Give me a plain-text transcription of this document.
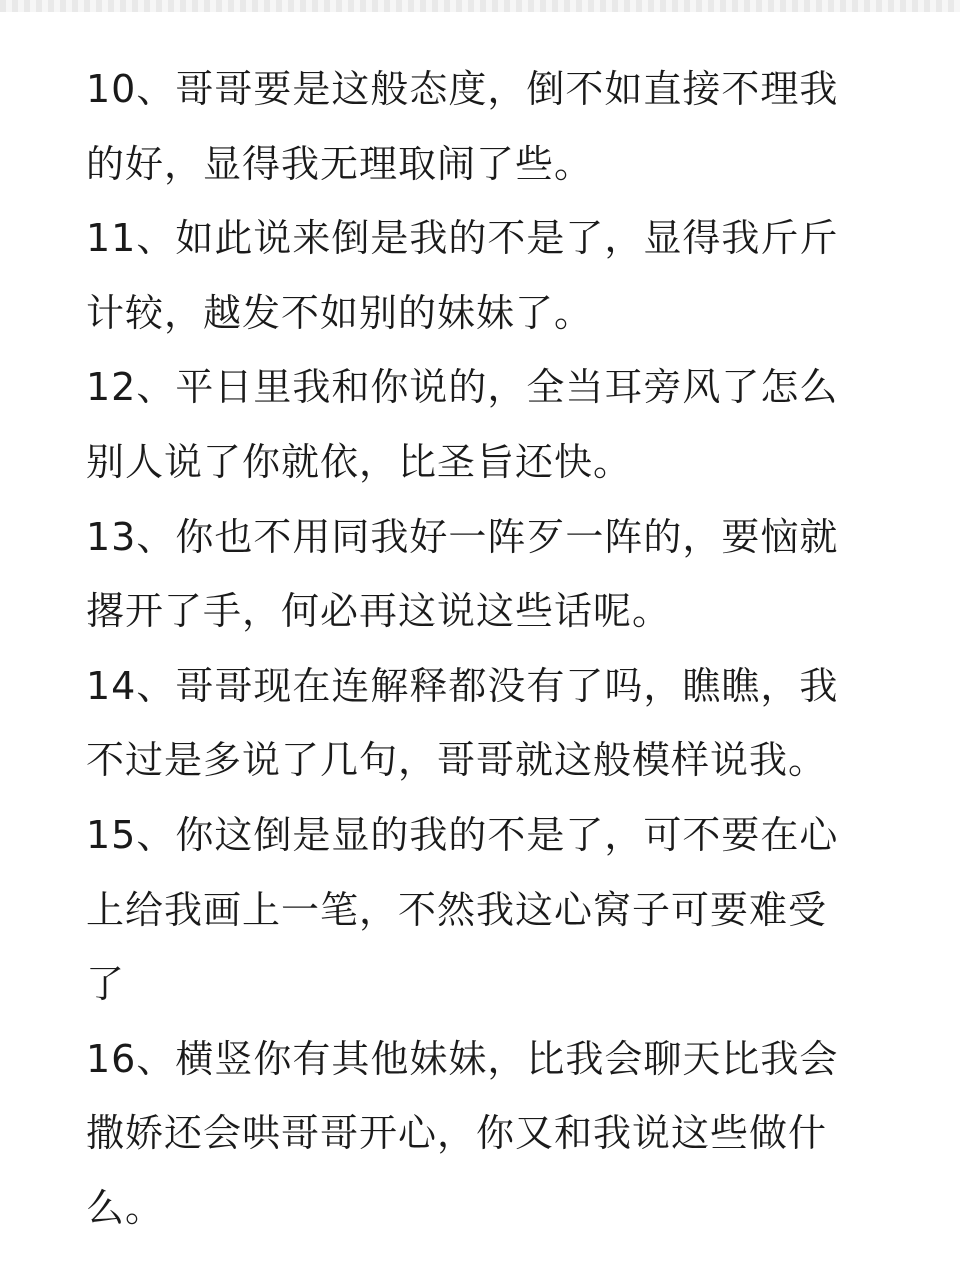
10、哥哥要是这般态度，倒不如直接不理我
的好，显得我无理取闹了些。
11、如此说来倒是我的不是了，显得我斤斤
计较，越发不如别的妹妹了。
12、平日里我和你说的，全当耳旁风了怎么
别人说了你就依，比圣旨还快。
13、你也不用同我好一阵歹一阵的，要恼就
撂开了手，何必再这说这些话呢。
14、哥哥现在连解释都没有了吗，瞧瞧，我
不过是多说了几句，哥哥就这般模样说我。
15、你这倒是显的我的不是了，可不要在心
上给我画上一笔，不然我这心窝子可要难受
了
16、横竖你有其他妹妹，比我会聊天比我会
撒娇还会哄哥哥开心，你又和我说这些做什
么。
